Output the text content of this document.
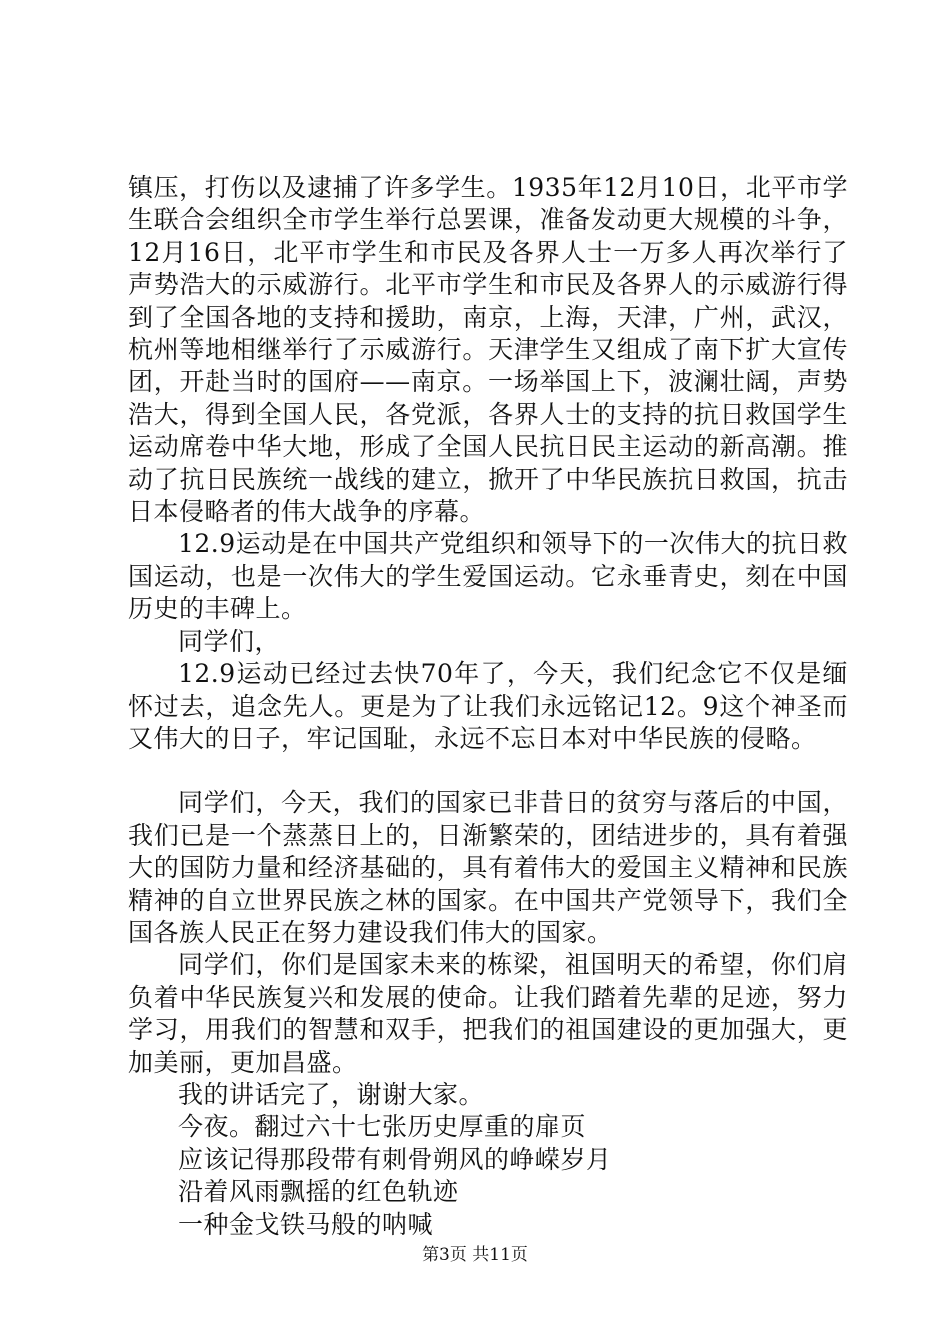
镇压，打伤以及逮捕了许多学生。1935年12月10日，北平市学生联合会组织全市学生举行总罢课，准备发动更大规模的斗争，12月16日，北平市学生和市民及各界人士一万多人再次举行了声势浩大的示威游行。北平市学生和市民及各界人的示威游行得到了全国各地的支持和援助，南京，上海，天津，广州，武汉，杭州等地相继举行了示威游行。天津学生又组成了南下扩大宣传团，开赴当时的国府——南京。一场举国上下，波澜壮阔，声势浩大，得到全国人民，各党派，各界人士的支持的抗日救国学生运动席卷中华大地，形成了全国人民抗日民主运动的新高潮。推动了抗日民族统一战线的建立，掀开了中华民族抗日救国，抗击日本侵略者的伟大战争的序幕。

12.9运动是在中国共产党组织和领导下的一次伟大的抗日救国运动，也是一次伟大的学生爱国运动。它永垂青史，刻在中国历史的丰碑上。

同学们，

12.9运动已经过去快70年了，今天，我们纪念它不仅是缅怀过去，追念先人。更是为了让我们永远铭记12。9这个神圣而又伟大的日子，牢记国耻，永远不忘日本对中华民族的侵略。

同学们，今天，我们的国家已非昔日的贫穷与落后的中国，我们已是一个蒸蒸日上的，日渐繁荣的，团结进步的，具有着强大的国防力量和经济基础的，具有着伟大的爱国主义精神和民族精神的自立世界民族之林的国家。在中国共产党领导下，我们全国各族人民正在努力建设我们伟大的国家。

同学们，你们是国家未来的栋梁，祖国明天的希望，你们肩负着中华民族复兴和发展的使命。让我们踏着先辈的足迹，努力学习，用我们的智慧和双手，把我们的祖国建设的更加强大，更加美丽，更加昌盛。

我的讲话完了，谢谢大家。

今夜。翻过六十七张历史厚重的扉页

应该记得那段带有刺骨朔风的峥嵘岁月

沿着风雨飘摇的红色轨迹

一种金戈铁马般的呐喊

第3页 共11页
